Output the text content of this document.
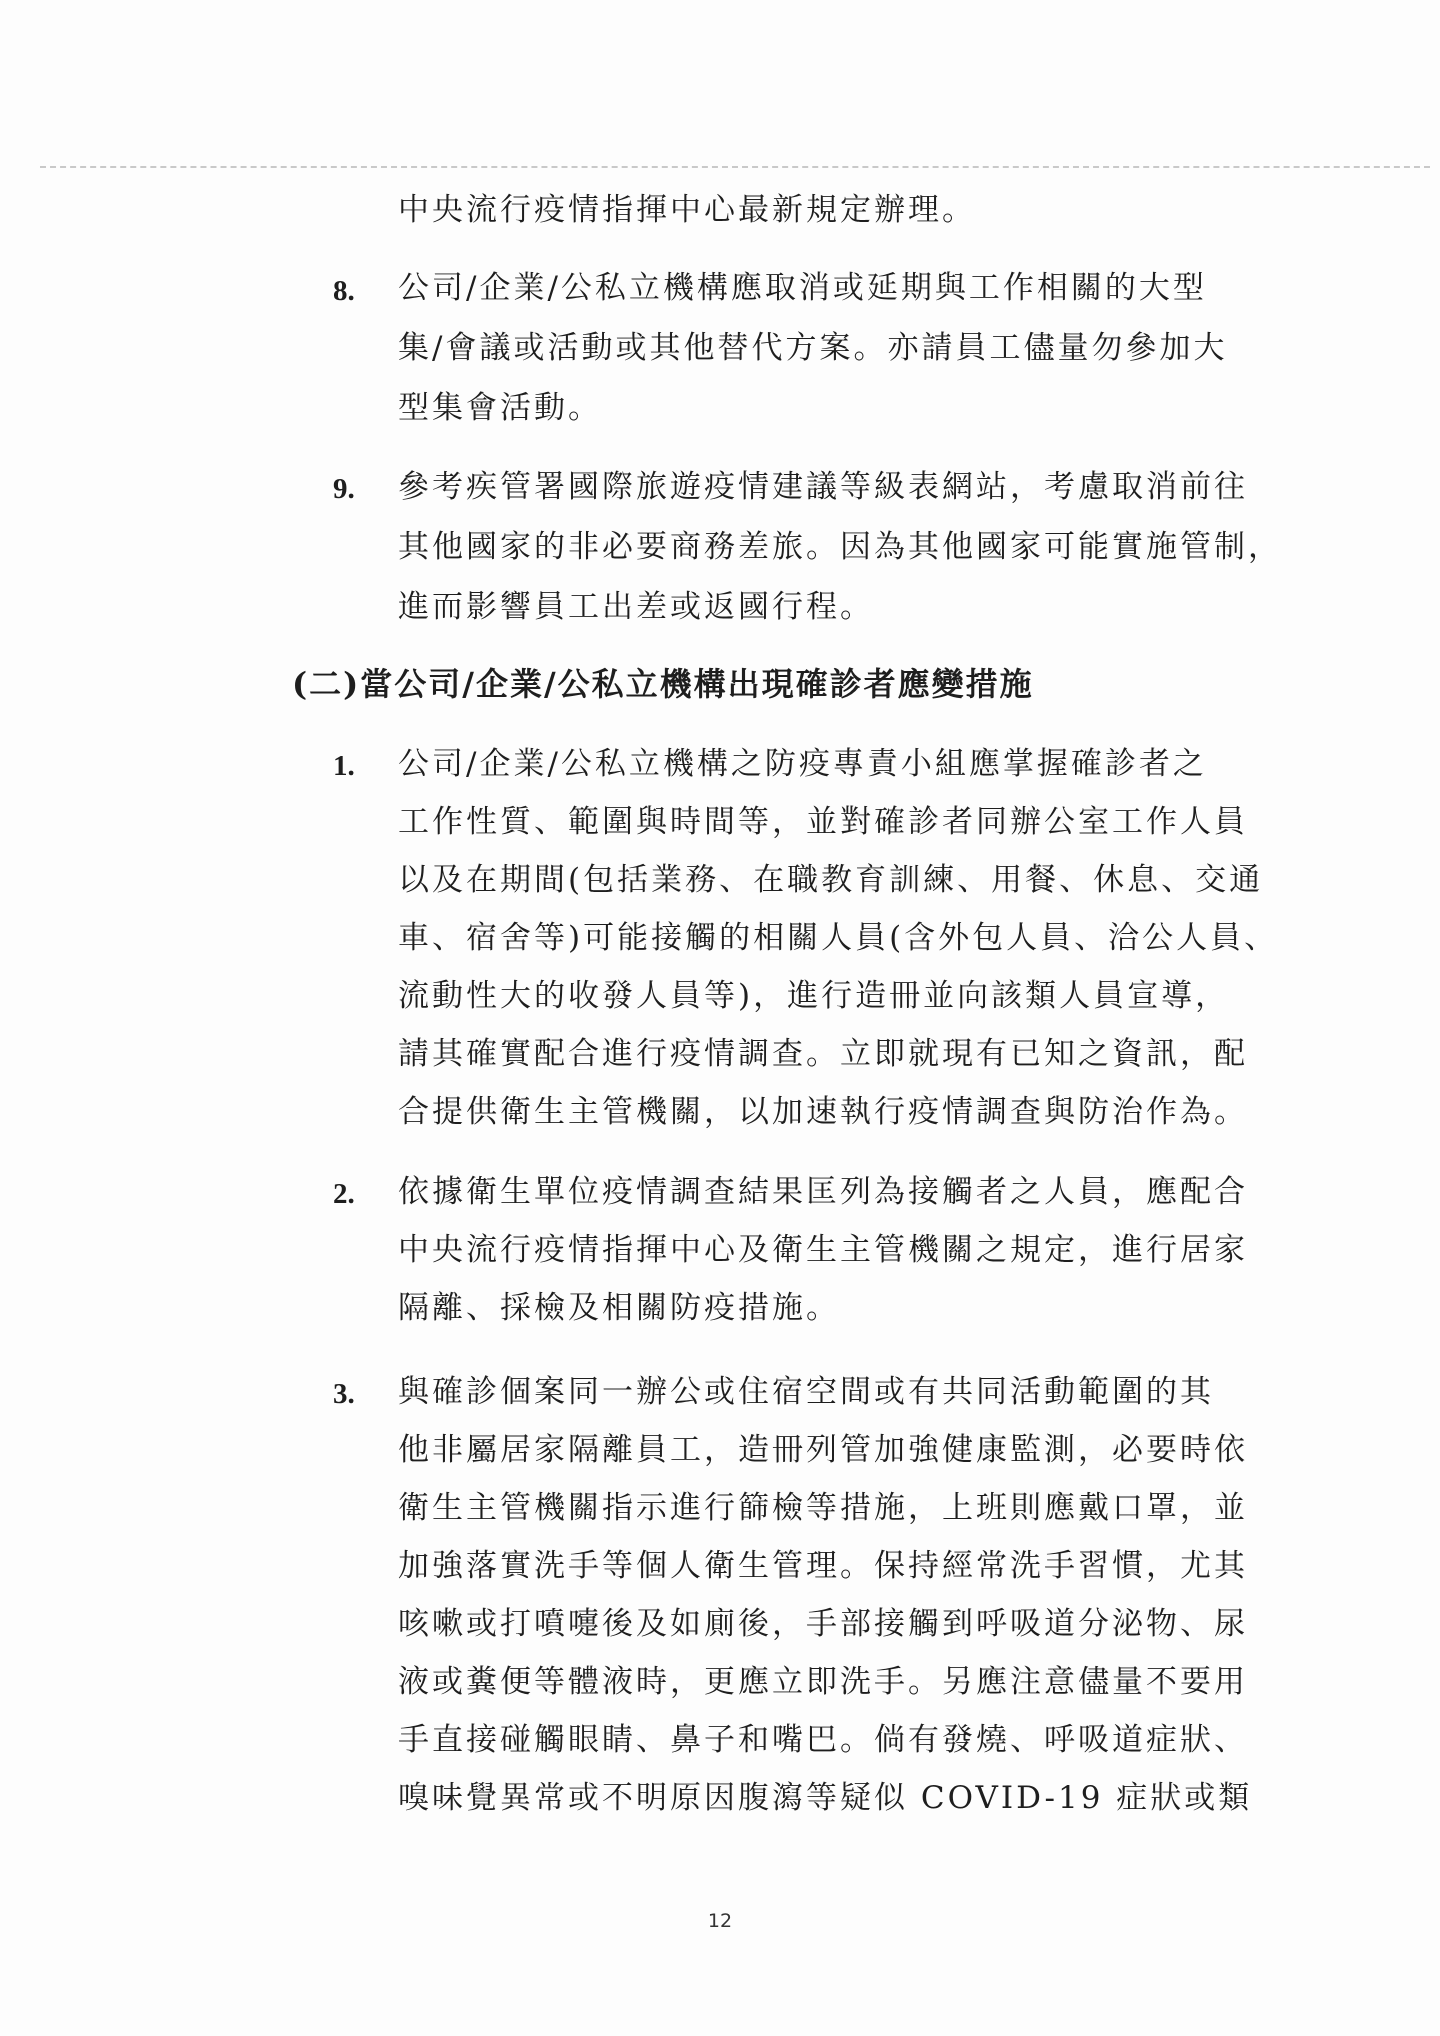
中央流行疫情指揮中心最新規定辦理。
8. 公司/企業/公私立機構應取消或延期與工作相關的大型
集/會議或活動或其他替代方案。亦請員工儘量勿參加大
型集會活動。
9. 參考疾管署國際旅遊疫情建議等級表網站，考慮取消前往
其他國家的非必要商務差旅。因為其他國家可能實施管制，
進而影響員工出差或返國行程。
(二)當公司/企業/公私立機構出現確診者應變措施
1. 公司/企業/公私立機構之防疫專責小組應掌握確診者之
工作性質、範圍與時間等，並對確診者同辦公室工作人員
以及在期間(包括業務、在職教育訓練、用餐、休息、交通
車、宿舍等)可能接觸的相關人員(含外包人員、洽公人員、
流動性大的收發人員等)，進行造冊並向該類人員宣導，
請其確實配合進行疫情調查。立即就現有已知之資訊，配
合提供衛生主管機關，以加速執行疫情調查與防治作為。
2. 依據衛生單位疫情調查結果匡列為接觸者之人員，應配合
中央流行疫情指揮中心及衛生主管機關之規定，進行居家
隔離、採檢及相關防疫措施。
3. 與確診個案同一辦公或住宿空間或有共同活動範圍的其
他非屬居家隔離員工，造冊列管加強健康監測，必要時依
衛生主管機關指示進行篩檢等措施，上班則應戴口罩，並
加強落實洗手等個人衛生管理。保持經常洗手習慣，尤其
咳嗽或打噴嚏後及如廁後，手部接觸到呼吸道分泌物、尿
液或糞便等體液時，更應立即洗手。另應注意儘量不要用
手直接碰觸眼睛、鼻子和嘴巴。倘有發燒、呼吸道症狀、
嗅味覺異常或不明原因腹瀉等疑似 COVID-19 症狀或類
12
